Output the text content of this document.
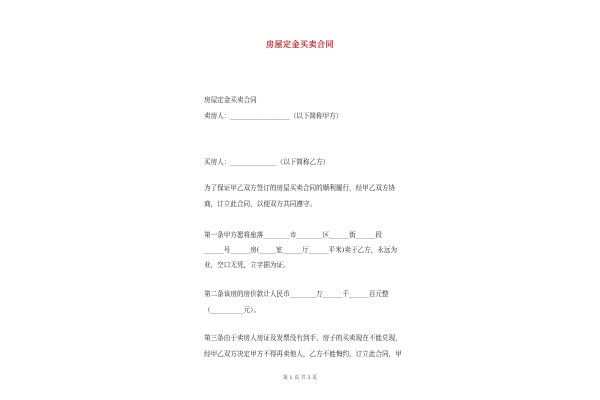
房屋定金买卖合同
房屋定金买卖合同
卖房人：__________________（以下简称甲方）
买房人：______________（以下简称乙方）
为了保证甲乙双方签订的房屋买卖合同的顺利履行，经甲乙双方协
商，订立此合同，以便双方共同遵守。
第一条甲方愿将座落________市________区______街______段
______号______房(_____室______厅______平米)卖于乙方，永远为
业，空口无凭，立字据为证。
第二条该房的房价款计人民币________万______千______百元整
（__________元）。
第三条由于卖房人房证及发票没有到手，房子的买卖现在不能兑现，
经甲乙双方决定甲方不得再卖他人，乙方不能悔约，订立此合同，甲
第 1 页 共 3 页
